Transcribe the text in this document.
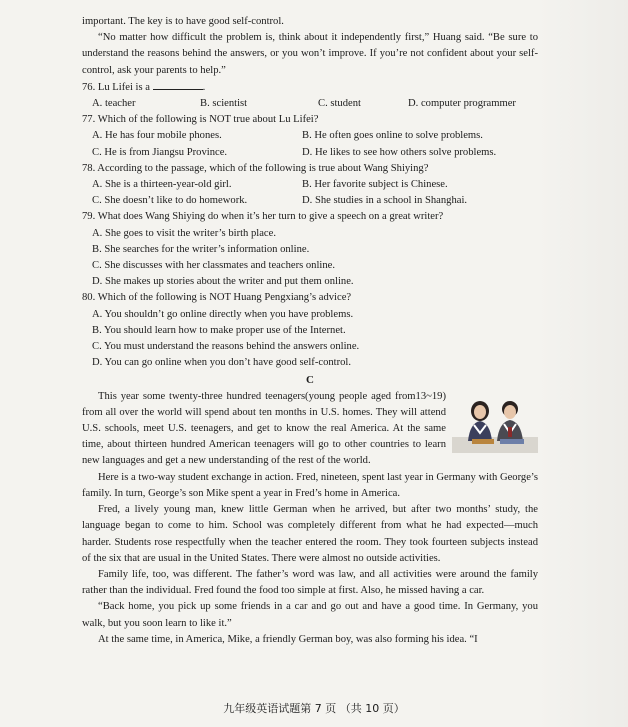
important. The key is to have good self-control.

“No matter how difficult the problem is, think about it independently first,” Huang said. “Be sure to understand the reasons behind the answers, or you won’t improve. If you’re not confident about your self-control, ask your parents to help.”

76. Lu Lifei is a	.
A. teacher	B. scientist	C. student	D. computer programmer
77. Which of the following is NOT true about Lu Lifei?
A. He has four mobile phones.	B. He often goes online to solve problems.
C. He is from Jiangsu Province.	D. He likes to see how others solve problems.
78. According to the passage, which of the following is true about Wang Shiying?
A. She is a thirteen-year-old girl.	B. Her favorite subject is Chinese.
C. She doesn’t like to do homework.	D. She studies in a school in Shanghai.
79. What does Wang Shiying do when it’s her turn to give a speech on a great writer?
A. She goes to visit the writer’s birth place.
B. She searches for the writer’s information online.
C. She discusses with her classmates and teachers online.
D. She makes up stories about the writer and put them online.
80. Which of the following is NOT Huang Pengxiang’s advice?
A. You shouldn’t go online directly when you have problems.
B. You should learn how to make proper use of the Internet.
C. You must understand the reasons behind the answers online.
D. You can go online when you don’t have good self-control.
C

This year some twenty-three hundred teenagers(young people aged from13~19) from all over the world will spend about ten months in U.S. homes. They will attend U.S. schools, meet U.S. teenagers, and get to know the real America. At the same time, about thirteen hundred American teenagers will go to other countries to learn new languages and get a new understanding of the rest of the world.

Here is a two-way student exchange in action. Fred, nineteen, spent last year in Germany with George’s family. In turn, George’s son Mike spent a year in Fred’s home in America.

Fred, a lively young man, knew little German when he arrived, but after two months’ study, the language began to come to him. School was completely different from what he had expected—much harder. Students rose respectfully when the teacher entered the room. They took fourteen subjects instead of the six that are usual in the United States. There were almost no outside activities.

Family life, too, was different. The father’s word was law, and all activities were around the family rather than the individual. Fred found the food too simple at first. Also, he missed having a car.

“Back home, you pick up some friends in a car and go out and have a good time. In Germany, you walk, but you soon learn to like it.”

At the same time, in America, Mike, a friendly German boy, was also forming his idea. “I

九年级英语试题第 7 页 （共 10 页）
